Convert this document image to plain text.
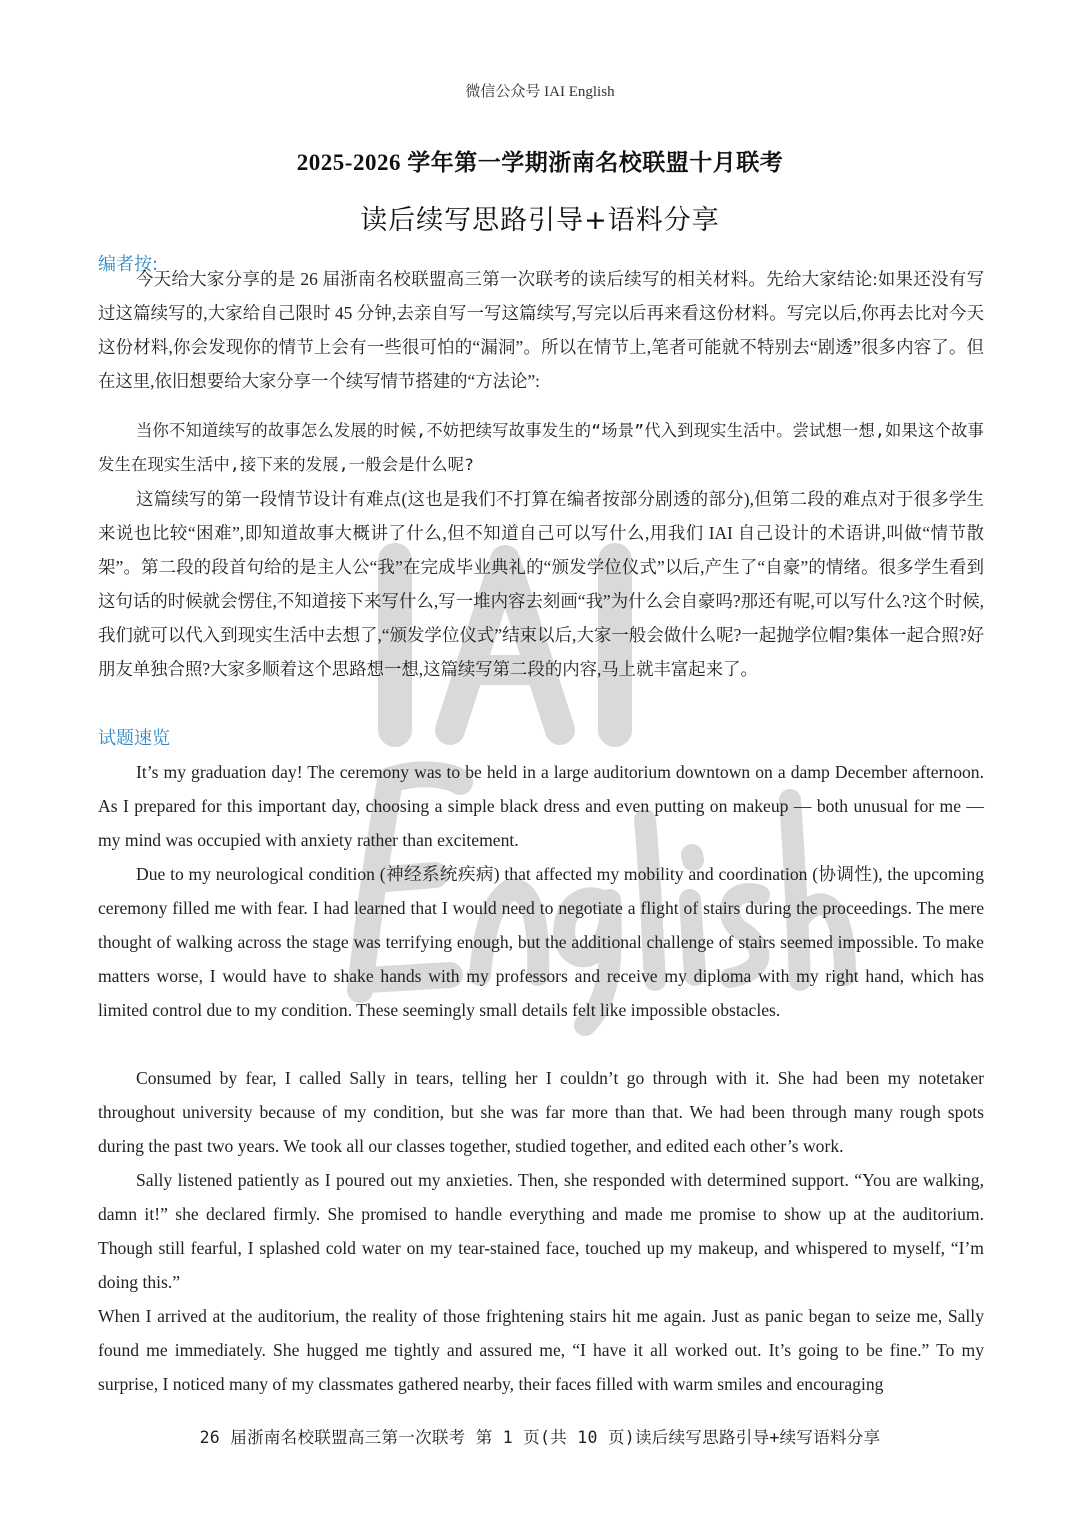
微信公众号 IAI English
2025-2026 学年第一学期浙南名校联盟十月联考
读后续写思路引导+语料分享
编者按:

今天给大家分享的是 26 届浙南名校联盟高三第一次联考的读后续写的相关材料。先给大家结论:如果还没有写过这篇续写的,大家给自己限时 45 分钟,去亲自写一写这篇续写,写完以后再来看这份材料。写完以后,你再去比对今天这份材料,你会发现你的情节上会有一些很可怕的“漏洞”。所以在情节上,笔者可能就不特别去“剧透”很多内容了。但在这里,依旧想要给大家分享一个续写情节搭建的“方法论”:

当你不知道续写的故事怎么发展的时候,不妨把续写故事发生的“场景”代入到现实生活中。尝试想一想,如果这个故事发生在现实生活中,接下来的发展,一般会是什么呢?

这篇续写的第一段情节设计有难点(这也是我们不打算在编者按部分剧透的部分),但第二段的难点对于很多学生来说也比较“困难”,即知道故事大概讲了什么,但不知道自己可以写什么,用我们 IAI 自己设计的术语讲,叫做“情节散架”。第二段的段首句给的是主人公“我”在完成毕业典礼的“颁发学位仪式”以后,产生了“自豪”的情绪。很多学生看到这句话的时候就会愣住,不知道接下来写什么,写一堆内容去刻画“我”为什么会自豪吗?那还有呢,可以写什么?这个时候,我们就可以代入到现实生活中去想了,“颁发学位仪式”结束以后,大家一般会做什么呢?一起抛学位帽?集体一起合照?好朋友单独合照?大家多顺着这个思路想一想,这篇续写第二段的内容,马上就丰富起来了。

试题速览

It’s my graduation day! The ceremony was to be held in a large auditorium downtown on a damp December afternoon. As I prepared for this important day, choosing a simple black dress and even putting on makeup — both unusual for me — my mind was occupied with anxiety rather than excitement.

Due to my neurological condition (神经系统疾病) that affected my mobility and coordination (协调性), the upcoming ceremony filled me with fear. I had learned that I would need to negotiate a flight of stairs during the proceedings. The mere thought of walking across the stage was terrifying enough, but the additional challenge of stairs seemed impossible. To make matters worse, I would have to shake hands with my professors and receive my diploma with my right hand, which has limited control due to my condition. These seemingly small details felt like impossible obstacles.

Consumed by fear, I called Sally in tears, telling her I couldn’t go through with it. She had been my notetaker throughout university because of my condition, but she was far more than that. We had been through many rough spots during the past two years. We took all our classes together, studied together, and edited each other’s work.

Sally listened patiently as I poured out my anxieties. Then, she responded with determined support. “You are walking, damn it!” she declared firmly. She promised to handle everything and made me promise to show up at the auditorium. Though still fearful, I splashed cold water on my tear-stained face, touched up my makeup, and whispered to myself, “I’m doing this.”

When I arrived at the auditorium, the reality of those frightening stairs hit me again. Just as panic began to seize me, Sally found me immediately. She hugged me tightly and assured me, “I have it all worked out. It’s going to be fine.” To my surprise, I noticed many of my classmates gathered nearby, their faces filled with warm smiles and encouraging

26 届浙南名校联盟高三第一次联考 第 1 页(共 10 页)读后续写思路引导+续写语料分享
